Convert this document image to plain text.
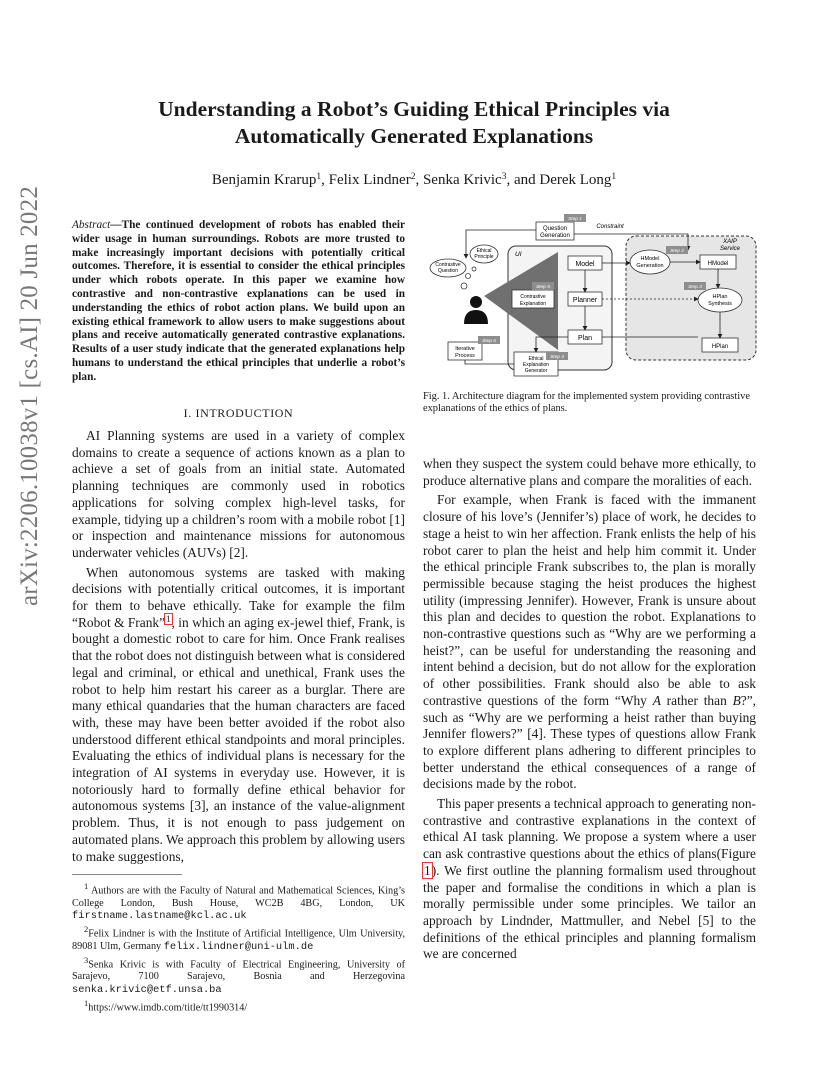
arXiv:2206.10038v1 [cs.AI] 20 Jun 2022
Understanding a Robot’s Guiding Ethical Principles via
Automatically Generated Explanations
Benjamin Krarup$^1$, Felix Lindner$^2$, Senka Krivic$^3$, and Derek Long$^1$
Abstract—The continued development of robots has enabled their wider usage in human surroundings. Robots are more trusted to make increasingly important decisions with potentially critical outcomes. Therefore, it is essential to consider the ethical principles under which robots operate. In this paper we examine how contrastive and non-contrastive explanations can be used in understanding the ethics of robot action plans. We build upon an existing ethical framework to allow users to make suggestions about plans and receive automatically generated contrastive explanations. Results of a user study indicate that the generated explanations help humans to understand the ethical principles that underlie a robot’s plan.
I. INTRODUCTION

AI Planning systems are used in a variety of complex domains to create a sequence of actions known as a plan to achieve a set of goals from an initial state. Automated planning techniques are commonly used in robotics applications for solving complex high-level tasks, for example, tidying up a children’s room with a mobile robot [1] or inspection and maintenance missions for autonomous underwater vehicles (AUVs) [2].

When autonomous systems are tasked with making decisions with potentially critical outcomes, it is important for them to behave ethically. Take for example the film “Robot & Frank”$^1$, in which an aging ex-jewel thief, Frank, is bought a domestic robot to care for him. Once Frank realises that the robot does not distinguish between what is considered legal and criminal, or ethical and unethical, Frank uses the robot to help him restart his career as a burglar. There are many ethical quandaries that the human characters are faced with, these may have been better avoided if the robot also understood different ethical standpoints and moral principles. Evaluating the ethics of individual plans is necessary for the integration of AI systems in everyday use. However, it is notoriously hard to formally define ethical behavior for autonomous systems [3], an instance of the value-alignment problem. Thus, it is not enough to pass judgement on automated plans. We approach this problem by allowing users to make suggestions,

$^1$ Authors are with the Faculty of Natural and Mathematical Sciences, King’s College London, Bush House, WC2B 4BG, London, UK firstname.lastname@kcl.ac.uk

$^2$Felix Lindner is with the Institute of Artificial Intelligence, Ulm University, 89081 Ulm, Germany felix.lindner@uni-ulm.de

$^3$Senka Krivic is with Faculty of Electrical Engineering, University of Sarajevo, 7100 Sarajevo, Bosnia and Herzegovina senka.krivic@etf.unsa.ba

$^1$https://www.imdb.com/title/tt1990314/

UI
XAIP
Service
Contrastive
Question
Ethical
Principle
Question
Generation
Step 1
Constraint
Model
Contrastive
Explanation
Step 5
Planner
Plan
Iterative
Process
Step 6
Ethical
Explanation
Generator
Step 4
HModel
Generation
Step 2
HModel
HPlan
Synthesis
Step 3
HPlan
Fig. 1. Architecture diagram for the implemented system providing contrastive explanations of the ethics of plans.

when they suspect the system could behave more ethically, to produce alternative plans and compare the moralities of each.

For example, when Frank is faced with the immanent closure of his love’s (Jennifer’s) place of work, he decides to stage a heist to win her affection. Frank enlists the help of his robot carer to plan the heist and help him commit it. Under the ethical principle Frank subscribes to, the plan is morally permissible because staging the heist produces the highest utility (impressing Jennifer). However, Frank is unsure about this plan and decides to question the robot. Explanations to non-contrastive questions such as “Why are we performing a heist?”, can be useful for understanding the reasoning and intent behind a decision, but do not allow for the exploration of other possibilities. Frank should also be able to ask contrastive questions of the form “Why A rather than B?”, such as “Why are we performing a heist rather than buying Jennifer flowers?” [4]. These types of questions allow Frank to explore different plans adhering to different principles to better understand the ethical consequences of a range of decisions made by the robot.

This paper presents a technical approach to generating non-contrastive and contrastive explanations in the context of ethical AI task planning. We propose a system where a user can ask contrastive questions about the ethics of plans(Figure 1). We first outline the planning formalism used throughout the paper and formalise the conditions in which a plan is morally permissible under some principles. We tailor an approach by Lindnder, Mattmuller, and Nebel [5] to the definitions of the ethical principles and planning formalism we are concerned
